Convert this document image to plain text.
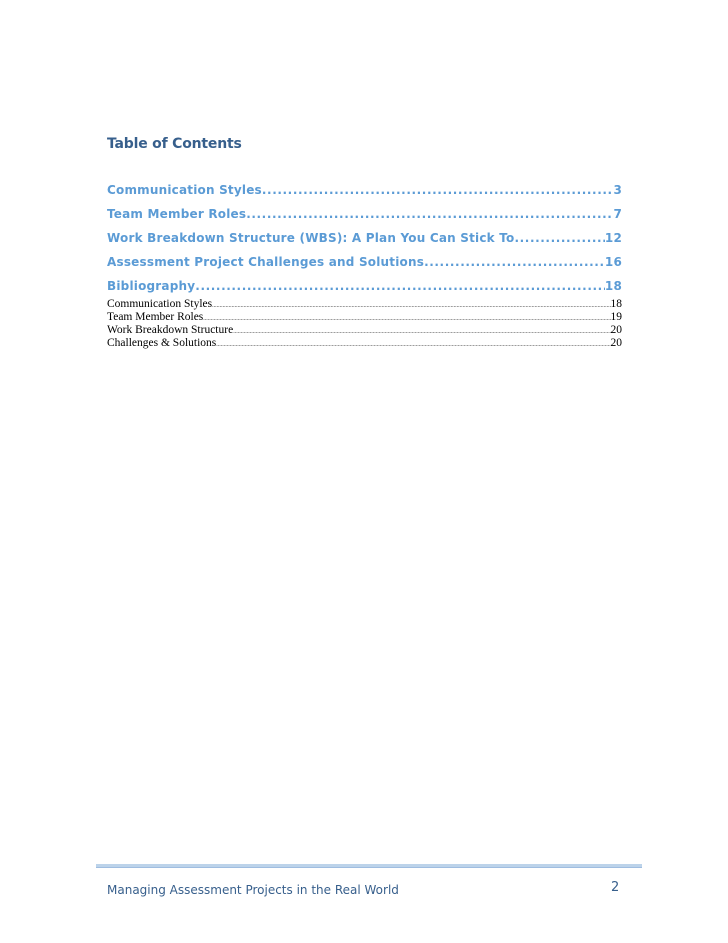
Table of Contents
Communication Styles .....	3
Team Member Roles .....	7
Work Breakdown Structure (WBS): A Plan You Can Stick To .....	12
Assessment Project Challenges and Solutions .....	16
Bibliography .....	18
Communication Styles .....	18
Team Member Roles .....	19
Work Breakdown Structure .....	20
Challenges & Solutions .....	20
Managing Assessment Projects in the Real World	2
